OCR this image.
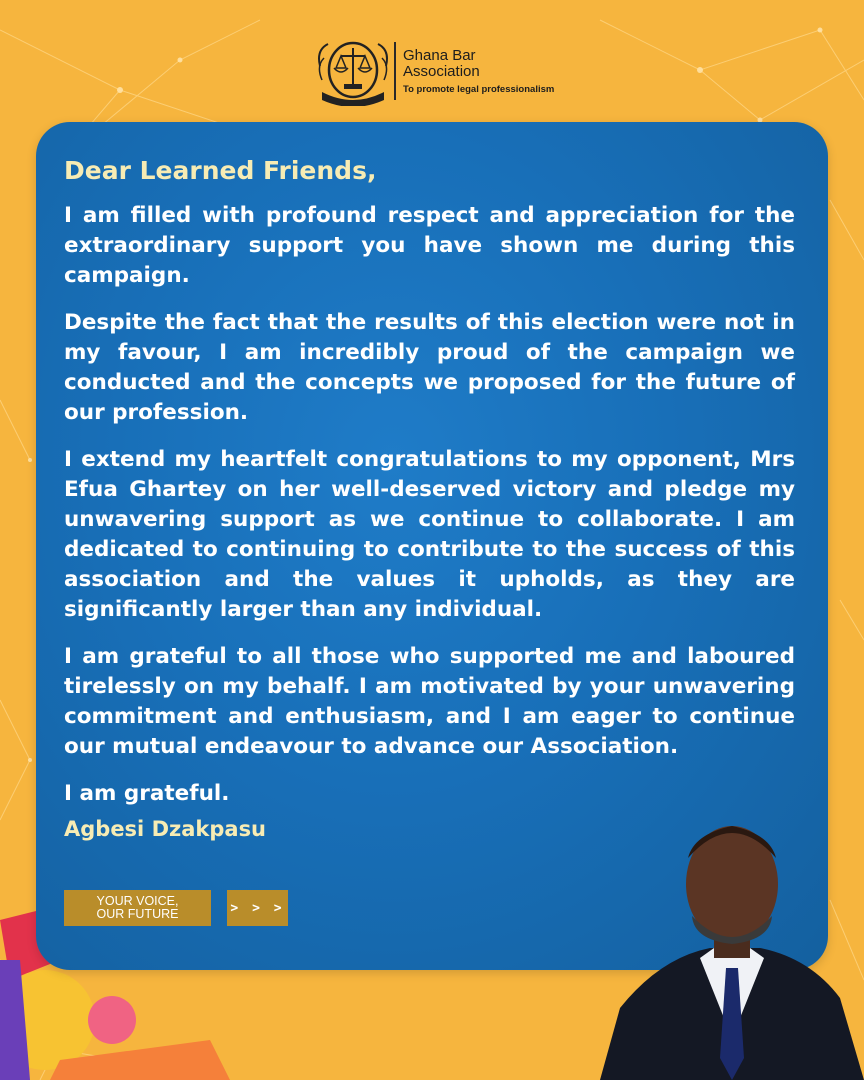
Ghana Bar Association
To promote legal professionalism
Dear Learned Friends,

I am filled with profound respect and appreciation for the extraordinary support you have shown me during this campaign.

Despite the fact that the results of this election were not in my favour, I am incredibly proud of the campaign we conducted and the concepts we proposed for the future of our profession.

I extend my heartfelt congratulations to my opponent, Mrs Efua Ghartey on her well-deserved victory and pledge my unwavering support as we continue to collaborate. I am dedicated to continuing to contribute to the success of this association and the values it upholds, as they are significantly larger than any individual.

I am grateful to all those who supported me and laboured tirelessly on my behalf. I am motivated by your unwavering commitment and enthusiasm, and I am eager to continue our mutual endeavour to advance our Association.

I am grateful.

Agbesi Dzakpasu
YOUR VOICE,
OUR FUTURE	> > >
